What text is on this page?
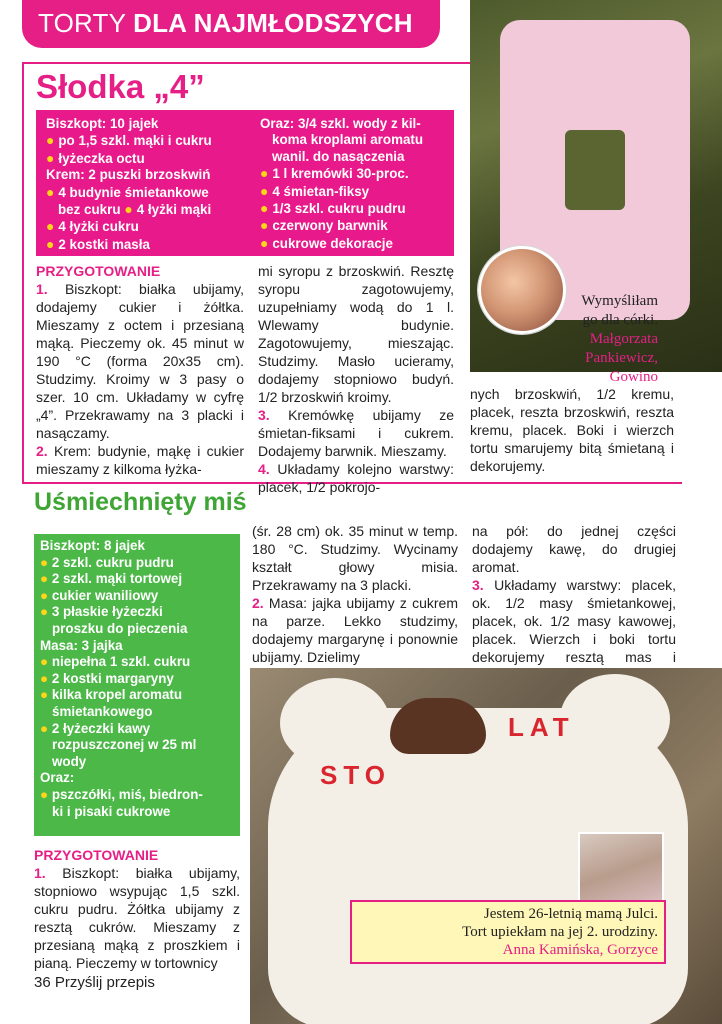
TORTY DLA NAJMŁODSZYCH
Słodka „4”
Biszkopt: 10 jajek
● po 1,5 szkl. mąki i cukru
● łyżeczka octu
Krem: 2 puszki brzoskwiń
● 4 budynie śmietankowe
bez cukru ● 4 łyżki mąki
● 4 łyżki cukru
● 2 kostki masła
Oraz: 3/4 szkl. wody z kil-
koma kroplami aromatu
wanil. do nasączenia
● 1 l kremówki 30-proc.
● 4 śmietan-fiksy
● 1/3 szkl. cukru pudru
● czerwony barwnik
● cukrowe dekoracje
PRZYGOTOWANIE
1. Biszkopt: białka ubijamy, dodajemy cukier i żółtka. Mieszamy z octem i przesianą mąką. Pieczemy ok. 45 minut w 190 °C (forma 20x35 cm). Studzimy. Kroimy w 3 pasy o szer. 10 cm. Układamy w cyfrę „4”. Przekrawamy na 3 placki i nasączamy.
2. Krem: budynie, mąkę i cukier mieszamy z kilkoma łyżka-
mi syropu z brzoskwiń. Resztę syropu zagotowujemy, uzupełniamy wodą do 1 l. Wlewamy budynie. Zagotowujemy, mieszając. Studzimy. Masło ucieramy, dodajemy stopniowo budyń. 1/2 brzoskwiń kroimy.
3. Kremówkę ubijamy ze śmietan-fiksami i cukrem. Dodajemy barwnik. Mieszamy.
4. Układamy kolejno warstwy: placek, 1/2 pokrojo-
nych brzoskwiń, 1/2 kremu, placek, reszta brzoskwiń, reszta kremu, placek. Boki i wierzch tortu smarujemy bitą śmietaną i dekorujemy.
Wymyśliłam
go dla córki.
Małgorzata Pankiewicz,
Gowino
Uśmiechnięty miś
Biszkopt: 8 jajek
● 2 szkl. cukru pudru
● 2 szkl. mąki tortowej
● cukier waniliowy
● 3 płaskie łyżeczki
proszku do pieczenia
Masa: 3 jajka
● niepełna 1 szkl. cukru
● 2 kostki margaryny
● kilka kropel aromatu
śmietankowego
● 2 łyżeczki kawy
rozpuszczonej w 25 ml
wody
Oraz:
● pszczółki, miś, biedron-
ki i pisaki cukrowe
PRZYGOTOWANIE
1. Biszkopt: białka ubijamy, stopniowo wsypując 1,5 szkl. cukru pudru. Żółtka ubijamy z resztą cukrów. Mieszamy z przesianą mąką z proszkiem i pianą. Pieczemy w tortownicy
(śr. 28 cm) ok. 35 minut w temp. 180 °C. Studzimy. Wycinamy kształt głowy misia. Przekrawamy na 3 placki.
2. Masa: jajka ubijamy z cukrem na parze. Lekko studzimy, dodajemy margarynę i ponownie ubijamy. Dzielimy
na pół: do jednej części dodajemy kawę, do drugiej aromat.
3. Układamy warstwy: placek, ok. 1/2 masy śmietankowej, placek, ok. 1/2 masy kawowej, placek. Wierzch i boki tortu dekorujemy resztą mas i
LAT
STO
Jestem 26-letnią mamą Julci.
Tort upiekłam na jej 2. urodziny.
Anna Kamińska, Gorzyce
36 Przyślij przepis
